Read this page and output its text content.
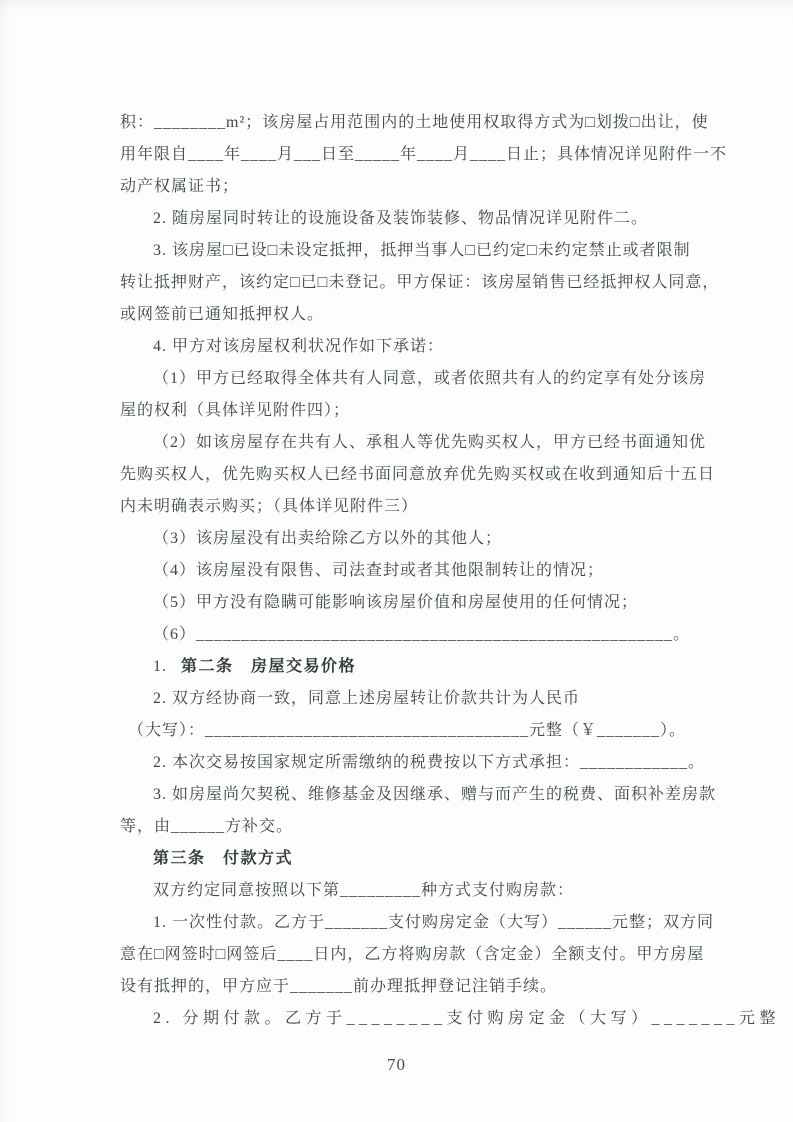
积：________m²；该房屋占用范围内的土地使用权取得方式为□划拨□出让，使
用年限自____年____月___日至_____年____月____日止；具体情况详见附件一不
动产权属证书；
2. 随房屋同时转让的设施设备及装饰装修、物品情况详见附件二。
3. 该房屋□已设□未设定抵押，抵押当事人□已约定□未约定禁止或者限制
转让抵押财产，该约定□已□未登记。甲方保证：该房屋销售已经抵押权人同意，
或网签前已通知抵押权人。
4. 甲方对该房屋权利状况作如下承诺：
（1）甲方已经取得全体共有人同意，或者依照共有人的约定享有处分该房
屋的权利（具体详见附件四）；
（2）如该房屋存在共有人、承租人等优先购买权人，甲方已经书面通知优
先购买权人，优先购买权人已经书面同意放弃优先购买权或在收到通知后十五日
内未明确表示购买；（具体详见附件三）
（3）该房屋没有出卖给除乙方以外的其他人；
（4）该房屋没有限售、司法查封或者其他限制转让的情况；
（5）甲方没有隐瞒可能影响该房屋价值和房屋使用的任何情况；
（6）_____________________________________________________。
1. 第二条　房屋交易价格
2. 双方经协商一致，同意上述房屋转让价款共计为人民币
（大写）：____________________________________元整（￥_______）。
2. 本次交易按国家规定所需缴纳的税费按以下方式承担：____________。
3. 如房屋尚欠契税、维修基金及因继承、赠与而产生的税费、面积补差房款
等，由______方补交。
第三条　付款方式
双方约定同意按照以下第_________种方式支付购房款：
1. 一次性付款。乙方于_______支付购房定金（大写）______元整；双方同
意在□网签时□网签后____日内，乙方将购房款（含定金）全额支付。甲方房屋
设有抵押的，甲方应于_______前办理抵押登记注销手续。
2. 分期付款。乙方于________支付购房定金（大写）_______元整
70
